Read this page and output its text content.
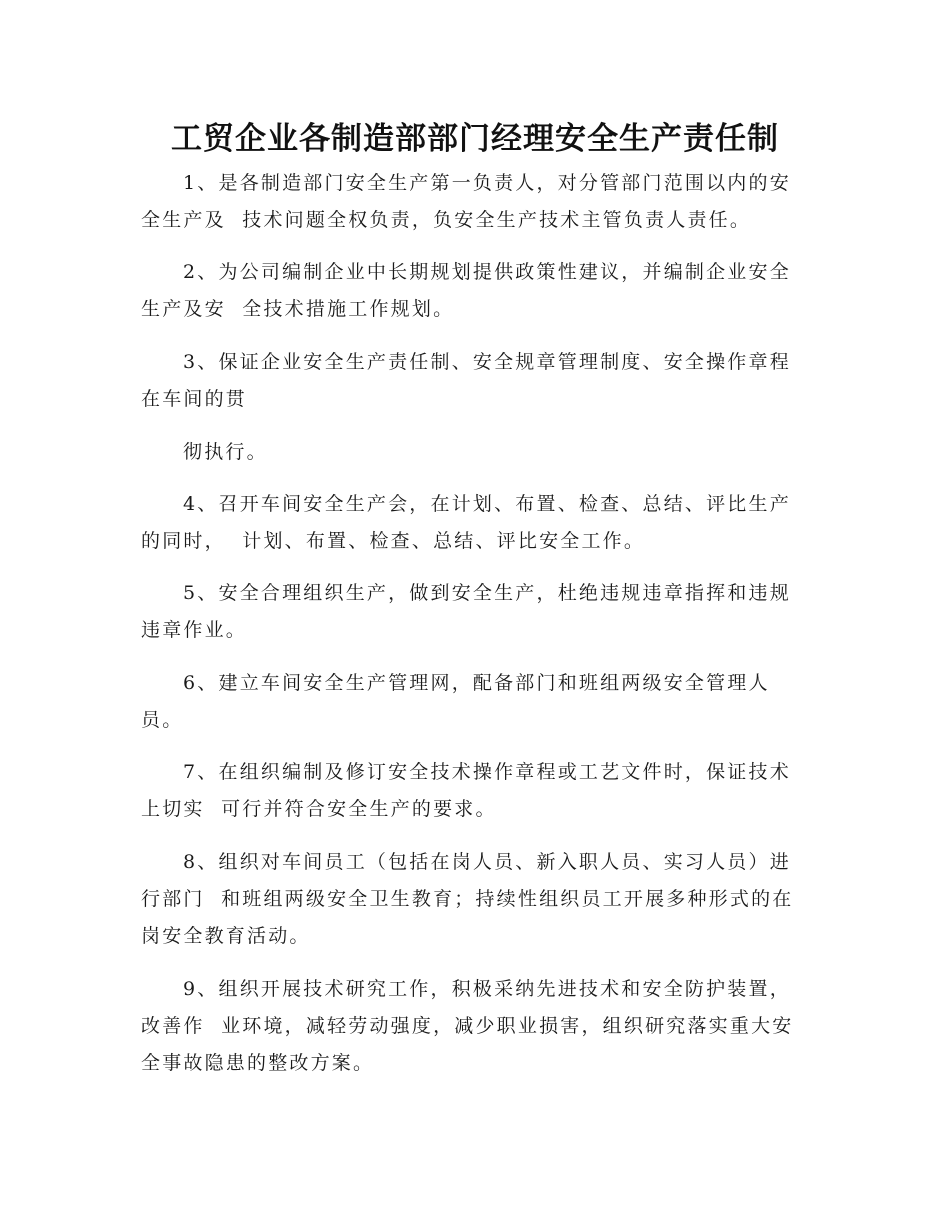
工贸企业各制造部部门经理安全生产责任制

1、是各制造部门安全生产第一负责人，对分管部门范围以内的安

全生产及  技术问题全权负责，负安全生产技术主管负责人责任。

2、为公司编制企业中长期规划提供政策性建议，并编制企业安全

生产及安  全技术措施工作规划。

3、保证企业安全生产责任制、安全规章管理制度、安全操作章程

在车间的贯

彻执行。

4、召开车间安全生产会，在计划、布置、检查、总结、评比生产

的同时，  计划、布置、检查、总结、评比安全工作。

5、安全合理组织生产，做到安全生产，杜绝违规违章指挥和违规

违章作业。

6、建立车间安全生产管理网，配备部门和班组两级安全管理人

员。

7、在组织编制及修订安全技术操作章程或工艺文件时，保证技术

上切实  可行并符合安全生产的要求。

8、组织对车间员工（包括在岗人员、新入职人员、实习人员）进

行部门  和班组两级安全卫生教育；持续性组织员工开展多种形式的在

岗安全教育活动。

9、组织开展技术研究工作，积极采纳先进技术和安全防护装置，

改善作  业环境，减轻劳动强度，减少职业损害，组织研究落实重大安

全事故隐患的整改方案。
